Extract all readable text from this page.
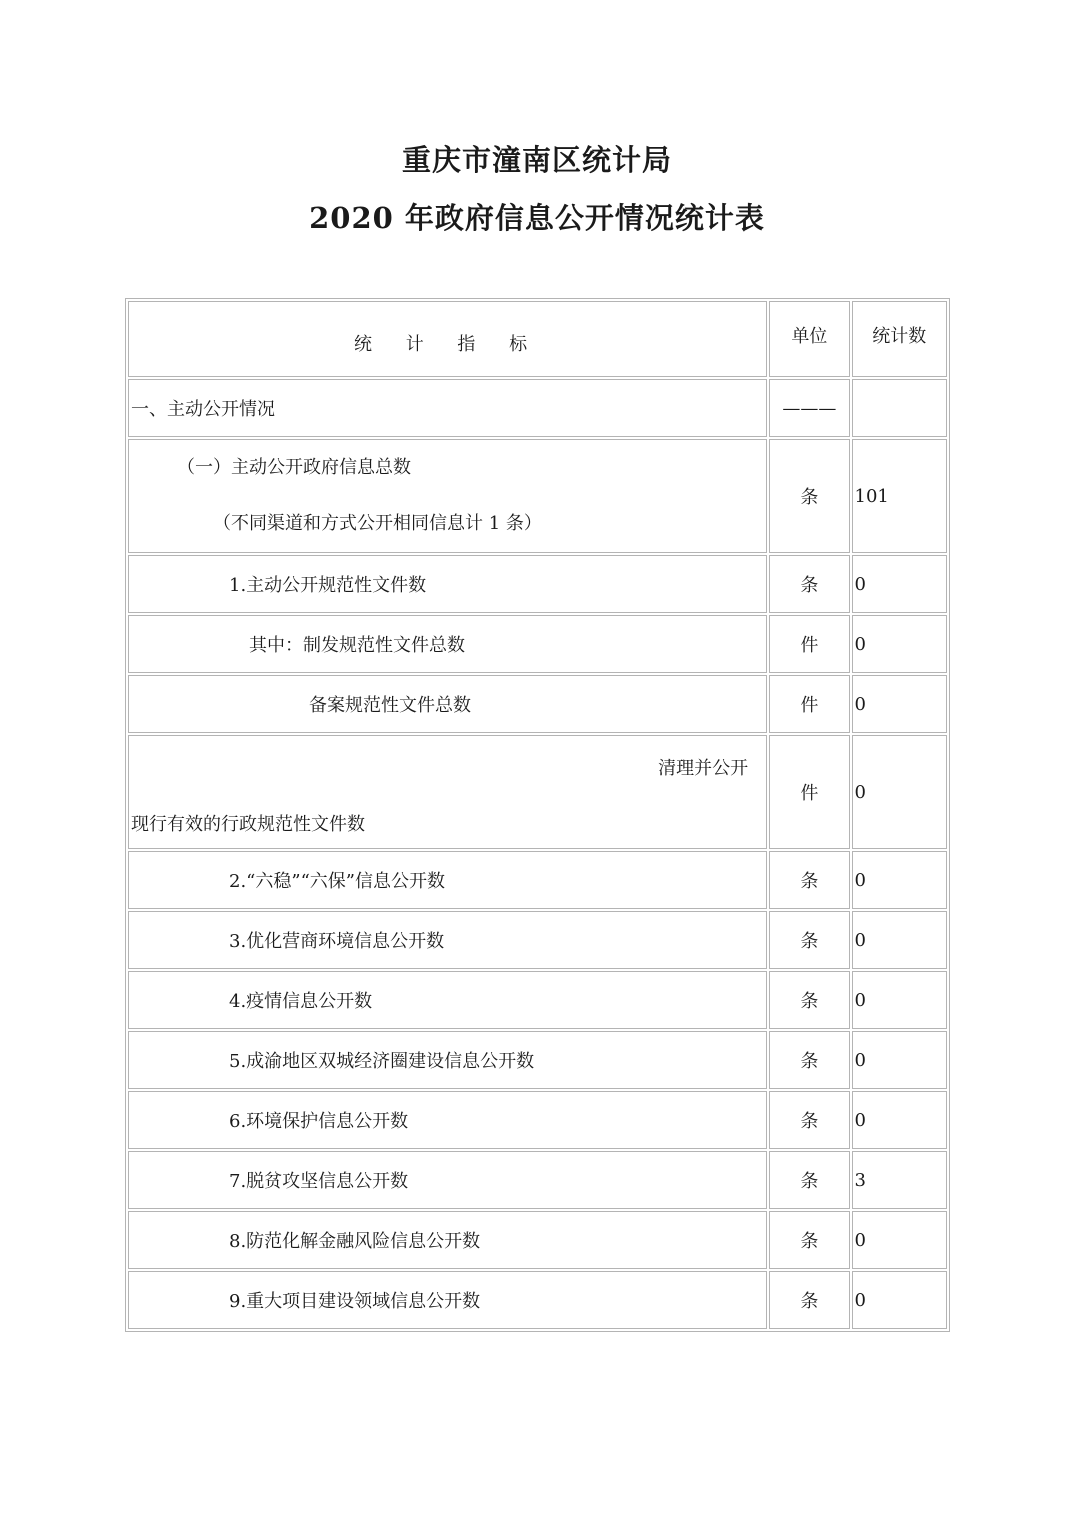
重庆市潼南区统计局
2020 年政府信息公开情况统计表
统 计 指 标	单位	统计数
一、主动公开情况	———	

（一）主动公开政府信息总数
（不同渠道和方式公开相同信息计 1 条）	条	101
1.主动公开规范性文件数	条	0
其中：制发规范性文件总数	件	0
备案规范性文件总数	件	0

清理并公开
现行有效的行政规范性文件数	件	0
2.“六稳”“六保”信息公开数	条	0
3.优化营商环境信息公开数	条	0
4.疫情信息公开数	条	0
5.成渝地区双城经济圈建设信息公开数	条	0
6.环境保护信息公开数	条	0
7.脱贫攻坚信息公开数	条	3
8.防范化解金融风险信息公开数	条	0
9.重大项目建设领域信息公开数	条	0
